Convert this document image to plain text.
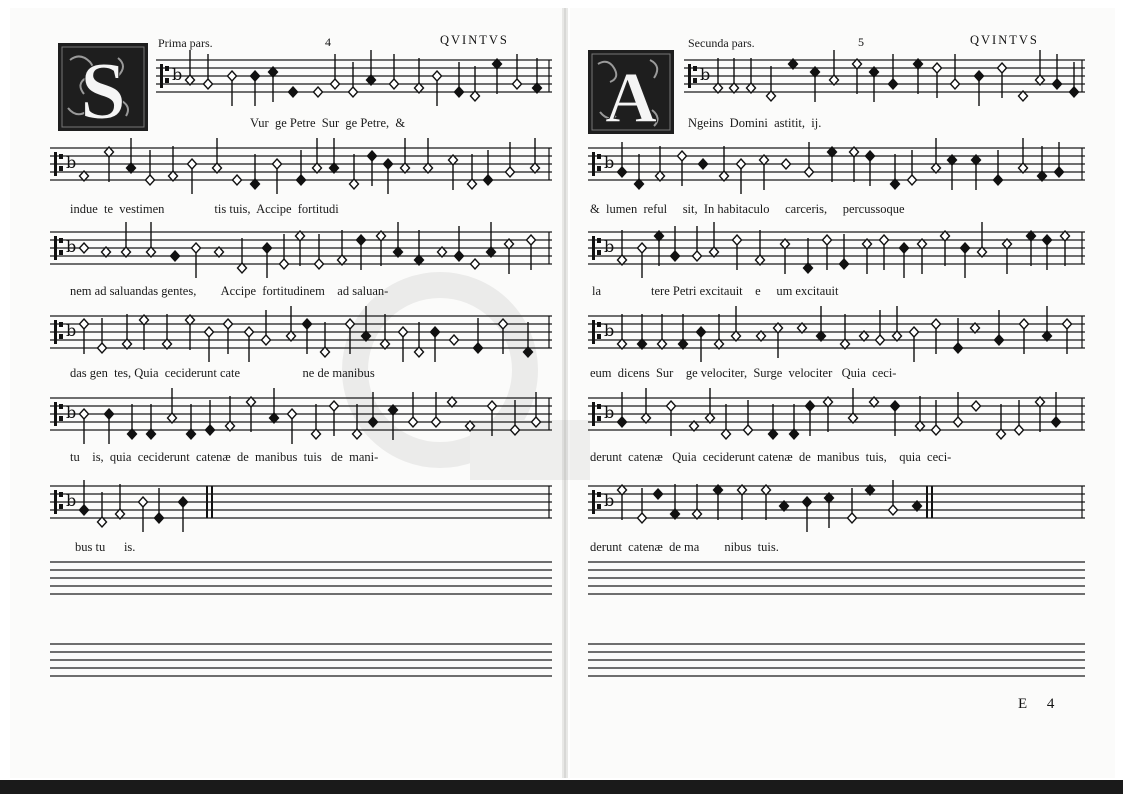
b
b
b
b
b
b
b
b
b
b
b
b
S	A
Prima pars.	4	QVINTVS
Vur  ge Petre  Sur  ge Petre,  &
indue  te  vestimen                tis tuis,  Accipe  fortitudi
nem ad saluandas gentes,        Accipe  fortitudinem    ad saluan-
das gen  tes, Quia  ceciderunt cate                    ne de manibus
tu    is,  quia  ceciderunt  catenæ  de  manibus  tuis   de  mani-
bus tu      is.
Secunda pars.	5	QVINTVS
Ngeins  Domini  astitit,  ij.
&  lumen  reful     sit,  In habitaculo     carceris,     percussoque
la                tere Petri excitauit    e     um excitauit
eum  dicens  Sur    ge velociter,  Surge  velociter   Quia  ceci-
derunt  catenæ   Quia  ceciderunt catenæ  de  manibus  tuis,    quia  ceci-
derunt  catenæ  de ma        nibus  tuis.
E 4
